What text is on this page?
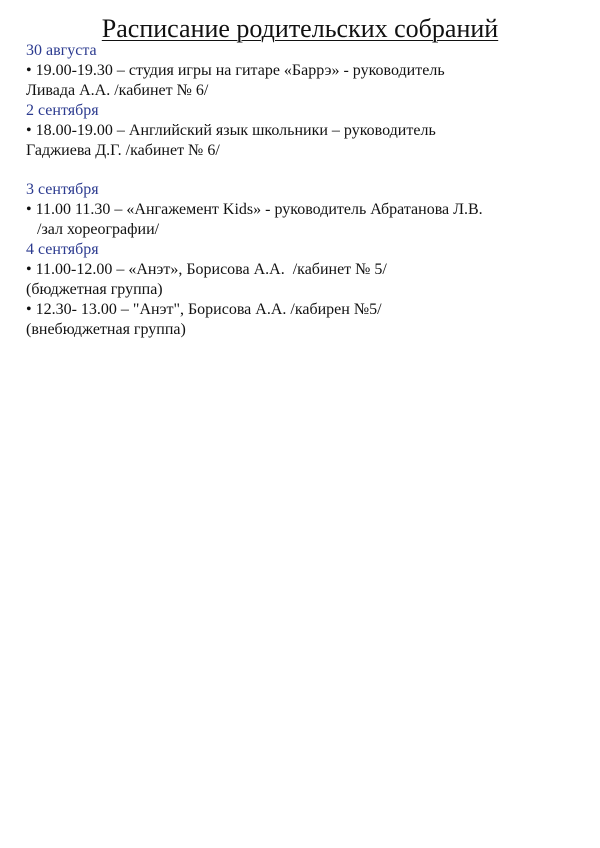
Расписание родительских собраний

30 августа

• 19.00-19.30 – студия игры на гитаре «Баррэ» - руководитель
Ливада А.А. /кабинет № 6/

2 сентября

• 18.00-19.00 – Английский язык школьники – руководитель
Гаджиева Д.Г. /кабинет № 6/

3 сентября

• 11.00 11.30 – «Ангажемент Kids» - руководитель Абратанова Л.В.
/зал хореографии/

4 сентября

• 11.00-12.00 – «Анэт», Борисова А.А.  /кабинет № 5/
(бюджетная группа)
• 12.30- 13.00 – "Анэт", Борисова А.А. /кабирен №5/
(внебюджетная группа)
